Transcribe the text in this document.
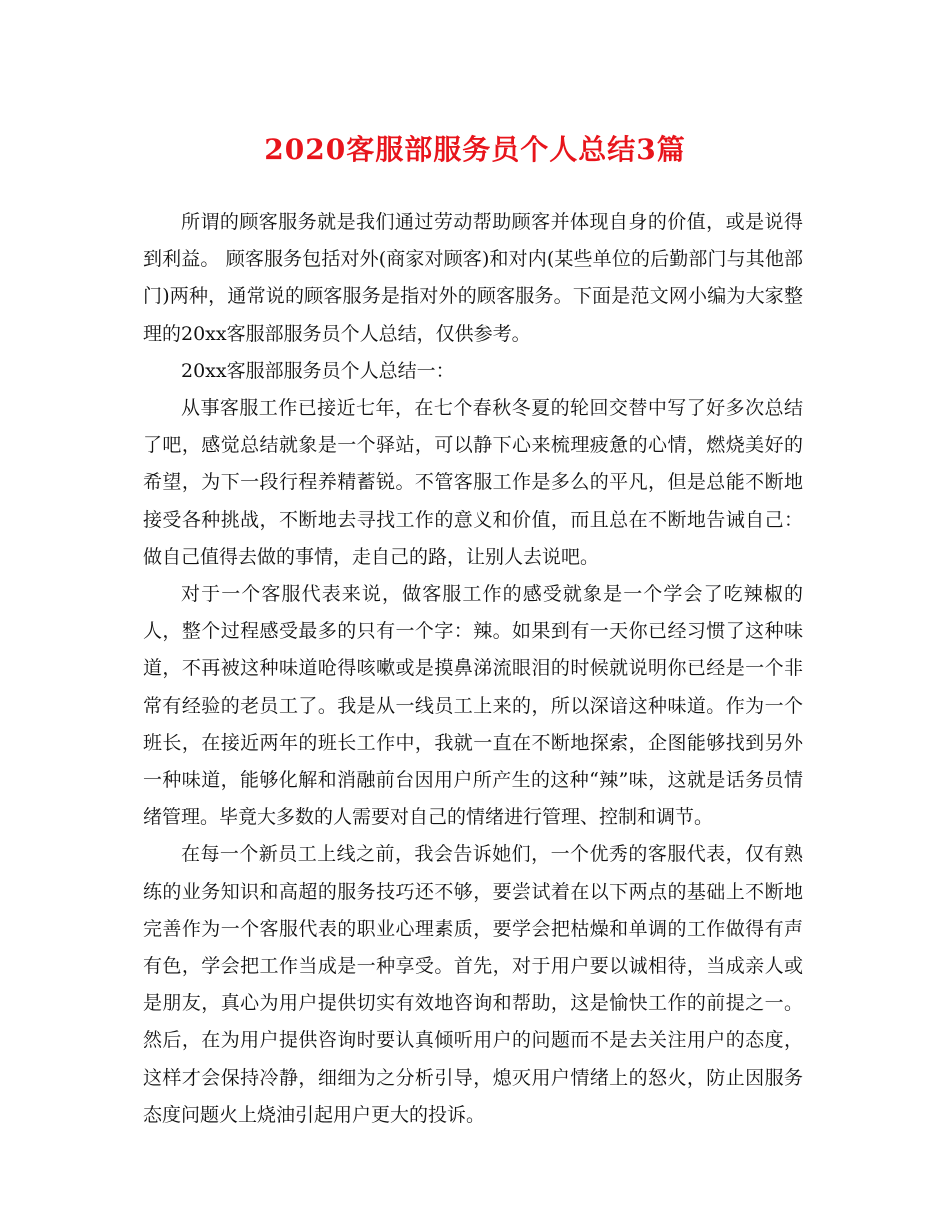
2020客服部服务员个人总结3篇

所谓的顾客服务就是我们通过劳动帮助顾客并体现自身的价值，或是说得到利益。 顾客服务包括对外(商家对顾客)和对内(某些单位的后勤部门与其他部门)两种，通常说的顾客服务是指对外的顾客服务。下面是范文网小编为大家整理的20xx客服部服务员个人总结，仅供参考。

20xx客服部服务员个人总结一：

从事客服工作已接近七年，在七个春秋冬夏的轮回交替中写了好多次总结了吧，感觉总结就象是一个驿站，可以静下心来梳理疲惫的心情，燃烧美好的希望，为下一段行程养精蓄锐。不管客服工作是多么的平凡，但是总能不断地接受各种挑战，不断地去寻找工作的意义和价值，而且总在不断地告诫自己：做自己值得去做的事情，走自己的路，让别人去说吧。

对于一个客服代表来说，做客服工作的感受就象是一个学会了吃辣椒的人，整个过程感受最多的只有一个字：辣。如果到有一天你已经习惯了这种味道，不再被这种味道呛得咳嗽或是摸鼻涕流眼泪的时候就说明你已经是一个非常有经验的老员工了。我是从一线员工上来的，所以深谙这种味道。作为一个班长，在接近两年的班长工作中，我就一直在不断地探索，企图能够找到另外一种味道，能够化解和消融前台因用户所产生的这种“辣”味，这就是话务员情绪管理。毕竟大多数的人需要对自己的情绪进行管理、控制和调节。

在每一个新员工上线之前，我会告诉她们，一个优秀的客服代表，仅有熟练的业务知识和高超的服务技巧还不够，要尝试着在以下两点的基础上不断地完善作为一个客服代表的职业心理素质，要学会把枯燥和单调的工作做得有声有色，学会把工作当成是一种享受。首先，对于用户要以诚相待，当成亲人或是朋友，真心为用户提供切实有效地咨询和帮助，这是愉快工作的前提之一。然后，在为用户提供咨询时要认真倾听用户的问题而不是去关注用户的态度，这样才会保持冷静，细细为之分析引导，熄灭用户情绪上的怒火，防止因服务态度问题火上烧油引起用户更大的投诉。
